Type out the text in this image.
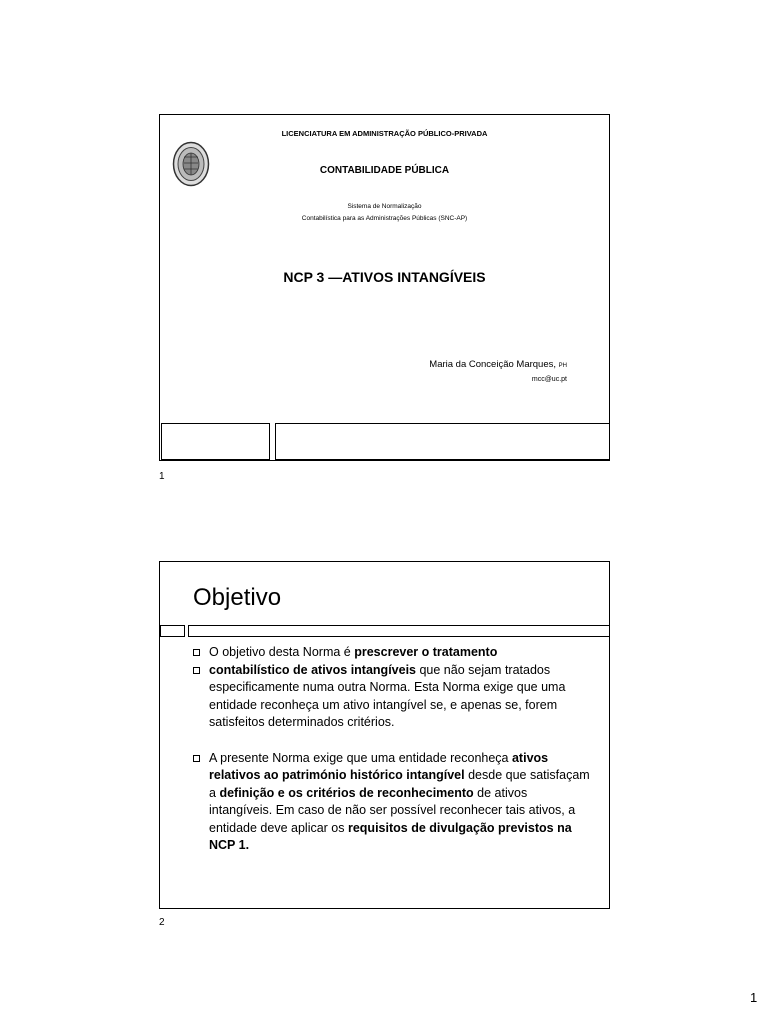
LICENCIATURA EM ADMINISTRAÇÃO PÚBLICO-PRIVADA
CONTABILIDADE PÚBLICA
Sistema de Normalização
Contabilística para as Administrações Públicas (SNC-AP)
NCP 3 —ATIVOS INTANGÍVEIS
Maria da Conceição Marques, PH
mcc@uc.pt
1
Objetivo
O objetivo desta Norma é prescrever o tratamento
contabilístico de ativos intangíveis que não sejam tratados especificamente numa outra Norma. Esta Norma exige que uma entidade reconheça um ativo intangível se, e apenas se, forem satisfeitos determinados critérios.
A presente Norma exige que uma entidade reconheça ativos relativos ao património histórico intangível desde que satisfaçam a definição e os critérios de reconhecimento de ativos intangíveis. Em caso de não ser possível reconhecer tais ativos, a entidade deve aplicar os requisitos de divulgação previstos na NCP 1.
2
1
